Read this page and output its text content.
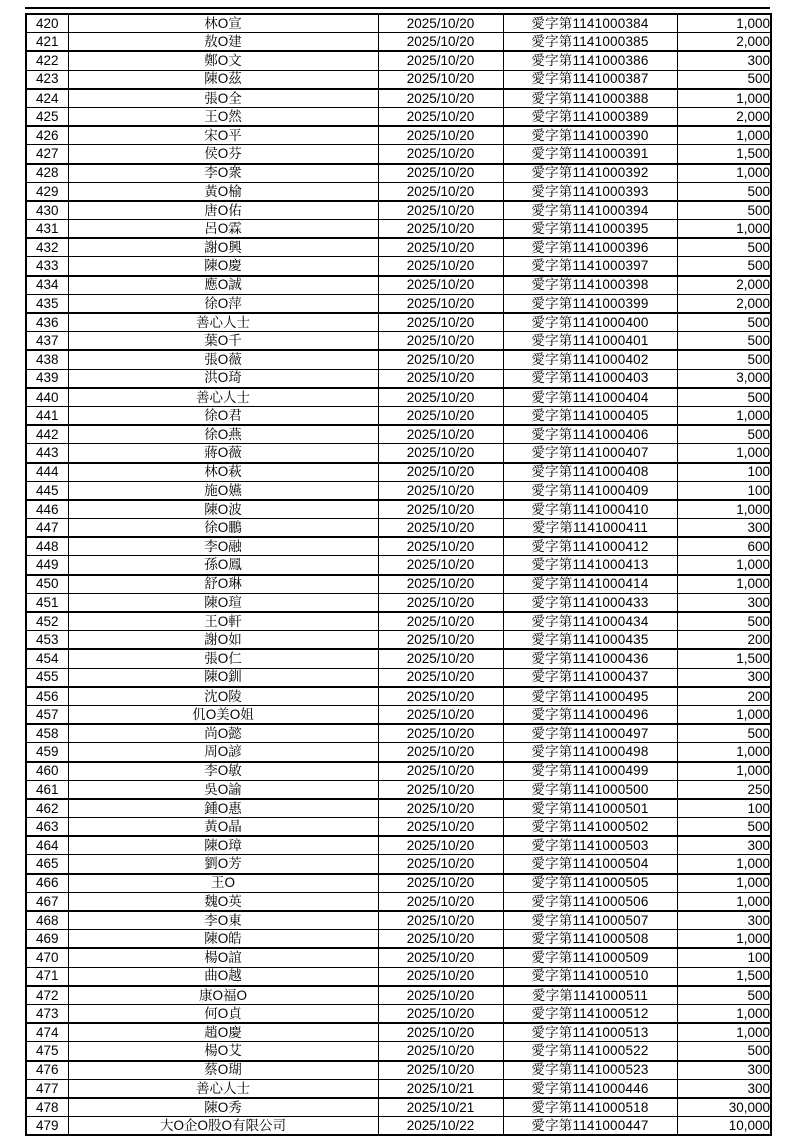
420	林O宣	2025/10/20	愛字第1141000384	1,000
421	敖O建	2025/10/20	愛字第1141000385	2,000
422	鄭O文	2025/10/20	愛字第1141000386	300
423	陳O茲	2025/10/20	愛字第1141000387	500
424	張O全	2025/10/20	愛字第1141000388	1,000
425	王O然	2025/10/20	愛字第1141000389	2,000
426	宋O平	2025/10/20	愛字第1141000390	1,000
427	侯O芬	2025/10/20	愛字第1141000391	1,500
428	李O衆	2025/10/20	愛字第1141000392	1,000
429	黃O榆	2025/10/20	愛字第1141000393	500
430	唐O佑	2025/10/20	愛字第1141000394	500
431	呂O霖	2025/10/20	愛字第1141000395	1,000
432	謝O興	2025/10/20	愛字第1141000396	500
433	陳O慶	2025/10/20	愛字第1141000397	500
434	應O誠	2025/10/20	愛字第1141000398	2,000
435	徐O萍	2025/10/20	愛字第1141000399	2,000
436	善心人士	2025/10/20	愛字第1141000400	500
437	葉O千	2025/10/20	愛字第1141000401	500
438	張O薇	2025/10/20	愛字第1141000402	500
439	洪O琦	2025/10/20	愛字第1141000403	3,000
440	善心人士	2025/10/20	愛字第1141000404	500
441	徐O君	2025/10/20	愛字第1141000405	1,000
442	徐O燕	2025/10/20	愛字第1141000406	500
443	蔣O薇	2025/10/20	愛字第1141000407	1,000
444	林O萩	2025/10/20	愛字第1141000408	100
445	施O嬿	2025/10/20	愛字第1141000409	100
446	陳O波	2025/10/20	愛字第1141000410	1,000
447	徐O鵬	2025/10/20	愛字第1141000411	300
448	李O融	2025/10/20	愛字第1141000412	600
449	孫O鳳	2025/10/20	愛字第1141000413	1,000
450	舒O琳	2025/10/20	愛字第1141000414	1,000
451	陳O瑄	2025/10/20	愛字第1141000433	300
452	王O軒	2025/10/20	愛字第1141000434	500
453	謝O如	2025/10/20	愛字第1141000435	200
454	張O仁	2025/10/20	愛字第1141000436	1,500
455	陳O釧	2025/10/20	愛字第1141000437	300
456	沈O陵	2025/10/20	愛字第1141000495	200
457	仉O美O姐	2025/10/20	愛字第1141000496	1,000
458	尚O懿	2025/10/20	愛字第1141000497	500
459	周O諺	2025/10/20	愛字第1141000498	1,000
460	李O敏	2025/10/20	愛字第1141000499	1,000
461	吳O諭	2025/10/20	愛字第1141000500	250
462	鍾O惠	2025/10/20	愛字第1141000501	100
463	黃O晶	2025/10/20	愛字第1141000502	500
464	陳O璋	2025/10/20	愛字第1141000503	300
465	劉O芳	2025/10/20	愛字第1141000504	1,000
466	王O	2025/10/20	愛字第1141000505	1,000
467	魏O英	2025/10/20	愛字第1141000506	1,000
468	李O東	2025/10/20	愛字第1141000507	300
469	陳O皓	2025/10/20	愛字第1141000508	1,000
470	楊O誼	2025/10/20	愛字第1141000509	100
471	曲O越	2025/10/20	愛字第1141000510	1,500
472	康O福O	2025/10/20	愛字第1141000511	500
473	何O貞	2025/10/20	愛字第1141000512	1,000
474	趙O慶	2025/10/20	愛字第1141000513	1,000
475	楊O艾	2025/10/20	愛字第1141000522	500
476	蔡O瑚	2025/10/20	愛字第1141000523	300
477	善心人士	2025/10/21	愛字第1141000446	300
478	陳O秀	2025/10/21	愛字第1141000518	30,000
479	大O企O股O有限公司	2025/10/22	愛字第1141000447	10,000
